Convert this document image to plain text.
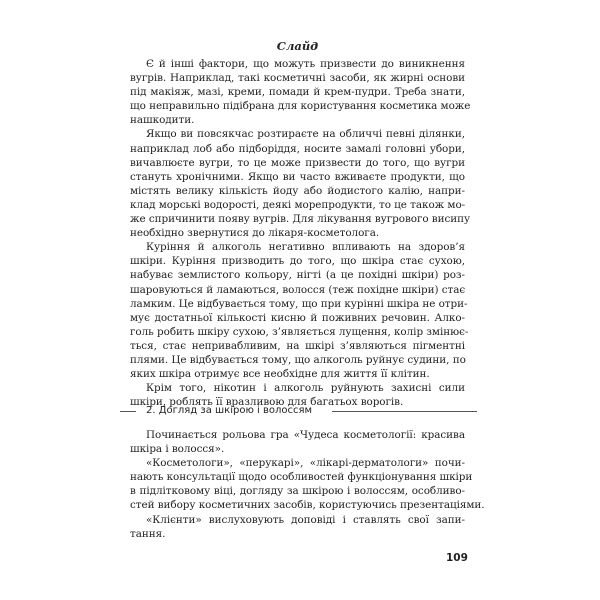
Слайд
Є й інші фактори, що можуть призвести до виникнення
вугрів. Наприклад, такі косметичні засоби, як жирні основи
під макіяж, мазі, креми, помади й крем-пудри. Треба знати,
що неправильно підібрана для користування косметика може
нашкодити.
Якщо ви повсякчас розтираєте на обличчі певні ділянки,
наприклад лоб або підборіддя, носите замалі головні убори,
вичавлюєте вугри, то це може призвести до того, що вугри
стануть хронічними. Якщо ви часто вживаєте продукти, що
містять велику кількість йоду або йодистого калію, напри-
клад морські водорості, деякі морепродукти, то це також мо-
же спричинити появу вугрів. Для лікування вугрового висипу
необхідно звернутися до лікаря-косметолога.
Куріння й алкоголь негативно впливають на здоров’я
шкіри. Куріння призводить до того, що шкіра стає сухою,
набуває землистого кольору, нігті (а це похідні шкіри) роз-
шаровуються й ламаються, волосся (теж похідне шкіри) стає
ламким. Це відбувається тому, що при курінні шкіра не отри-
мує достатньої кількості кисню й поживних речовин. Алко-
голь робить шкіру сухою, з’являється лущення, колір змінює-
ться, стає непривабливим, на шкірі з’являються пігментні
плями. Це відбувається тому, що алкоголь руйнує судини, по
яких шкіра отримує все необхідне для життя її клітин.
Крім того, нікотин і алкоголь руйнують захисні сили
шкіри, роблять її вразливою для багатьох ворогів.
2. Догляд за шкірою і волоссям
Починається рольова гра «Чудеса косметології: красива
шкіра і волосся».
«Косметологи», «перукарі», «лікарі-дерматологи» почи-
нають консультації щодо особливостей функціонування шкіри
в підлітковому віці, догляду за шкірою і волоссям, особливо-
стей вибору косметичних засобів, користуючись презентаціями.
«Клієнти» вислуховують доповіді і ставлять свої запи-
тання.
109
